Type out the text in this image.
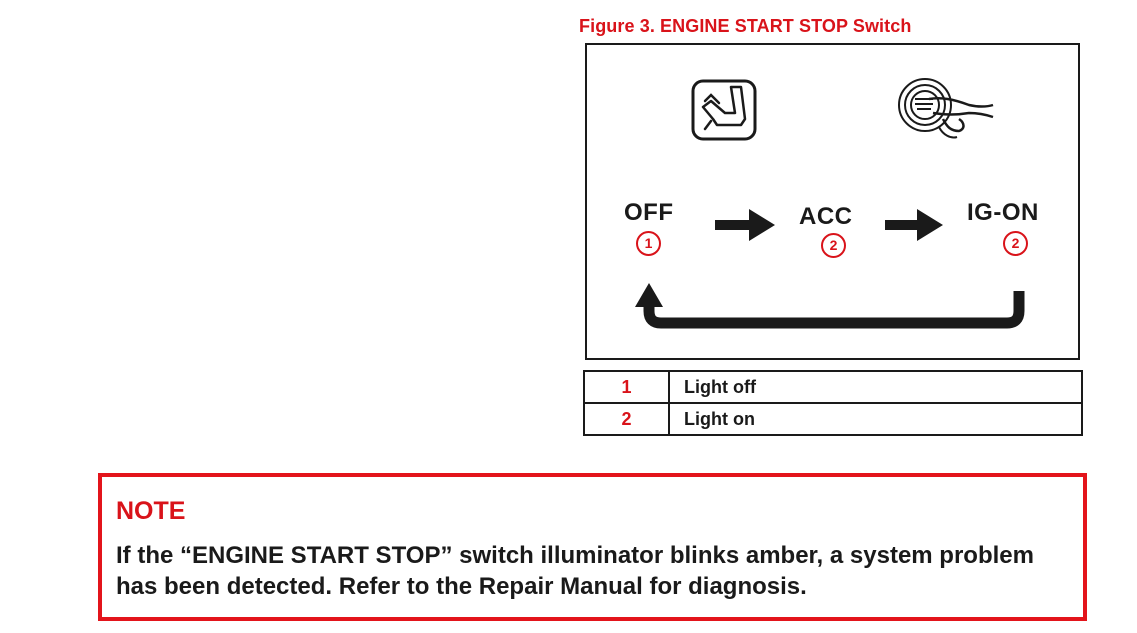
Figure 3. ENGINE START STOP Switch
OFF
1
ACC
2
IG-ON
2
1	Light off
2	Light on
NOTE
If the “ENGINE START STOP” switch illuminator blinks amber, a system problem has been detected. Refer to the Repair Manual for diagnosis.
